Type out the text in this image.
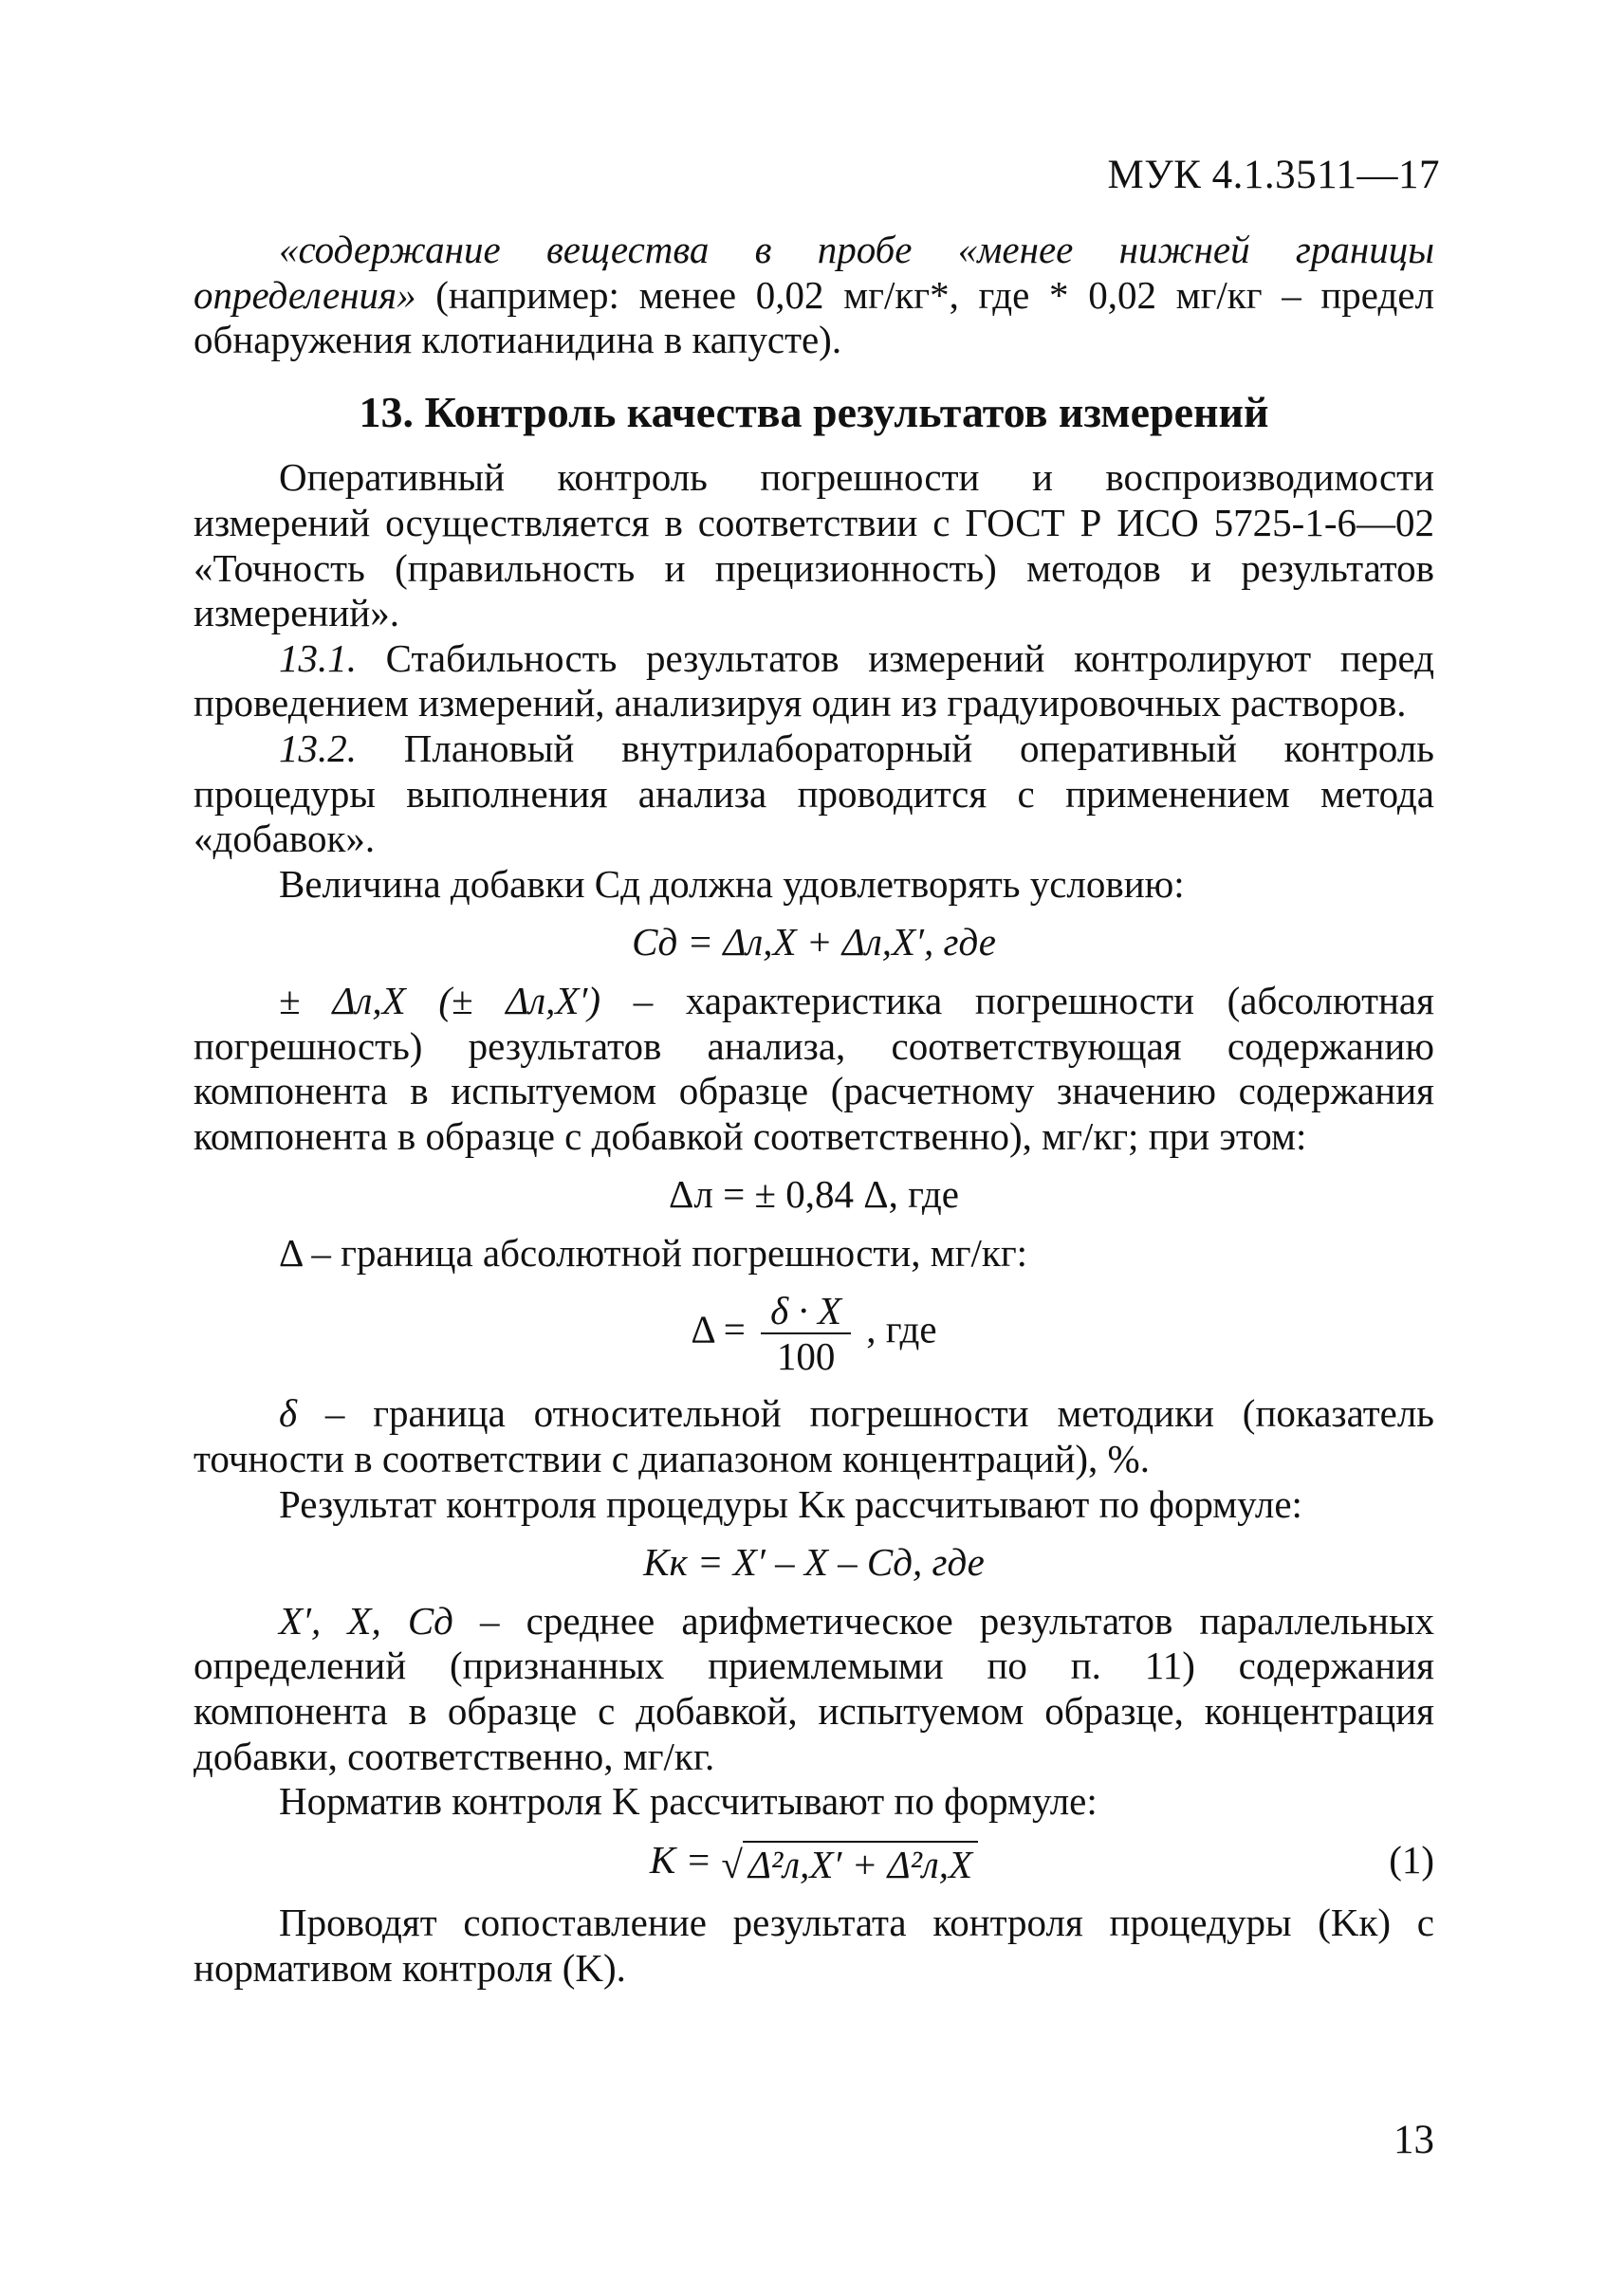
МУК 4.1.3511—17

«содержание вещества в пробе «менее нижней границы определения» (например: менее 0,02 мг/кг*, где * 0,02 мг/кг – предел обнаружения клотианидина в капусте).

13. Контроль качества результатов измерений

Оперативный контроль погрешности и воспроизводимости измерений осуществляется в соответствии с ГОСТ Р ИСО 5725-1-6—02 «Точность (правильность и прецизионность) методов и результатов измерений».

13.1. Стабильность результатов измерений контролируют перед проведением измерений, анализируя один из градуировочных растворов.

13.2. Плановый внутрилабораторный оперативный контроль процедуры выполнения анализа проводится с применением метода «добавок».

Величина добавки Cд должна удовлетворять условию:

Cд = Δл,X + Δл,X′, где

± Δл,X (± Δл,X′) – характеристика погрешности (абсолютная погрешность) результатов анализа, соответствующая содержанию компонента в испытуемом образце (расчетному значению содержания компонента в образце с добавкой соответственно), мг/кг; при этом:

Δл = ± 0,84 Δ, где

Δ – граница абсолютной погрешности, мг/кг:

$\Delta = \frac{\delta \cdot X}{100}$ , где

δ – граница относительной погрешности методики (показатель точности в соответствии с диапазоном концентраций), %.

Результат контроля процедуры Kк рассчитывают по формуле:

Kк = X′ – X – Cд, где

X′, X, Cд – среднее арифметическое результатов параллельных определений (признанных приемлемыми по п. 11) содержания компонента в образце с добавкой, испытуемом образце, концентрация добавки, соответственно, мг/кг.

Норматив контроля K рассчитывают по формуле:

K = √ Δ²л,X′ + Δ²л,X	(1)

Проводят сопоставление результата контроля процедуры (Kк) с нормативом контроля (K).

13
